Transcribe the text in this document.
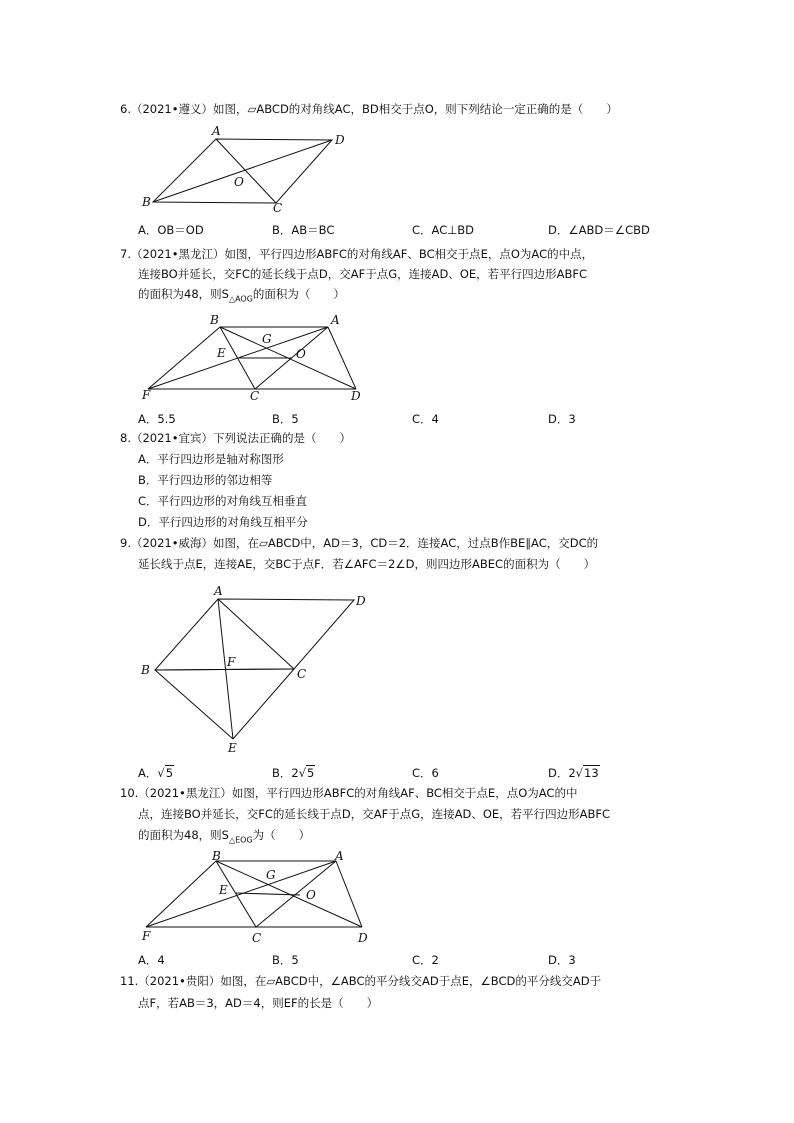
6.（2021•遵义）如图，▱ABCD的对角线AC，BD相交于点O，则下列结论一定正确的是（　　）
A
D
B	C
O
A．OB＝OD	B．AB＝BC	C．AC⊥BD	D．∠ABD＝∠CBD
7.（2021•黑龙江）如图，平行四边形ABFC的对角线AF、BC相交于点E，点O为AC的中点，
连接BO并延长，交FC的延长线于点D，交AF于点G，连接AD、OE，若平行四边形ABFC
的面积为48，则$S_{\triangle AOG}$的面积为（　　）
B	A
G
E	O
F	C	D
A．5.5	B．5	C．4	D．3
8.（2021•宜宾）下列说法正确的是（　　）
A．平行四边形是轴对称图形
B．平行四边形的邻边相等
C．平行四边形的对角线互相垂直
D．平行四边形的对角线互相平分
9.（2021•威海）如图，在▱ABCD中，AD＝3，CD＝2．连接AC，过点B作BE∥AC，交DC的
延长线于点E，连接AE，交BC于点F．若∠AFC＝2∠D，则四边形ABEC的面积为（　　）
A
D
B
F
C
E
A．√5	B．2√5	C．6	D．2√13
10.（2021•黑龙江）如图，平行四边形ABFC的对角线AF、BC相交于点E，点O为AC的中
点，连接BO并延长，交FC的延长线于点D，交AF于点G，连接AD、OE，若平行四边形ABFC
的面积为48，则$S_{\triangle EOG}$为（　　）
B	A
G
E	O
F	C	D
A．4	B．5	C．2	D．3
11.（2021•贵阳）如图，在▱ABCD中，∠ABC的平分线交AD于点E，∠BCD的平分线交AD于
点F，若AB＝3，AD＝4，则EF的长是（　　）
